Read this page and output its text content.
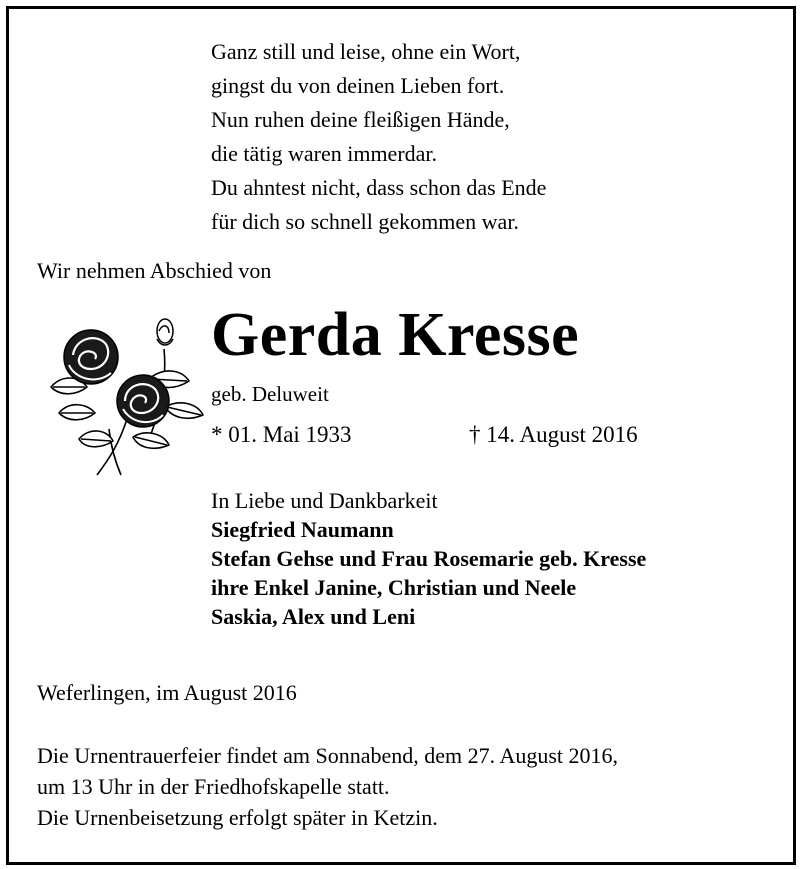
Ganz still und leise, ohne ein Wort,
gingst du von deinen Lieben fort.
Nun ruhen deine fleißigen Hände,
die tätig waren immerdar.
Du ahntest nicht, dass schon das Ende
für dich so schnell gekommen war.
Wir nehmen Abschied von
Gerda Kresse
geb. Deluweit
* 01. Mai 1933	† 14. August 2016
In Liebe und Dankbarkeit
Siegfried Naumann
Stefan Gehse und Frau Rosemarie geb. Kresse
ihre Enkel Janine, Christian und Neele
Saskia, Alex und Leni
Weferlingen, im August 2016
Die Urnentrauerfeier findet am Sonnabend, dem 27. August 2016,
um 13 Uhr in der Friedhofskapelle statt.
Die Urnenbeisetzung erfolgt später in Ketzin.
